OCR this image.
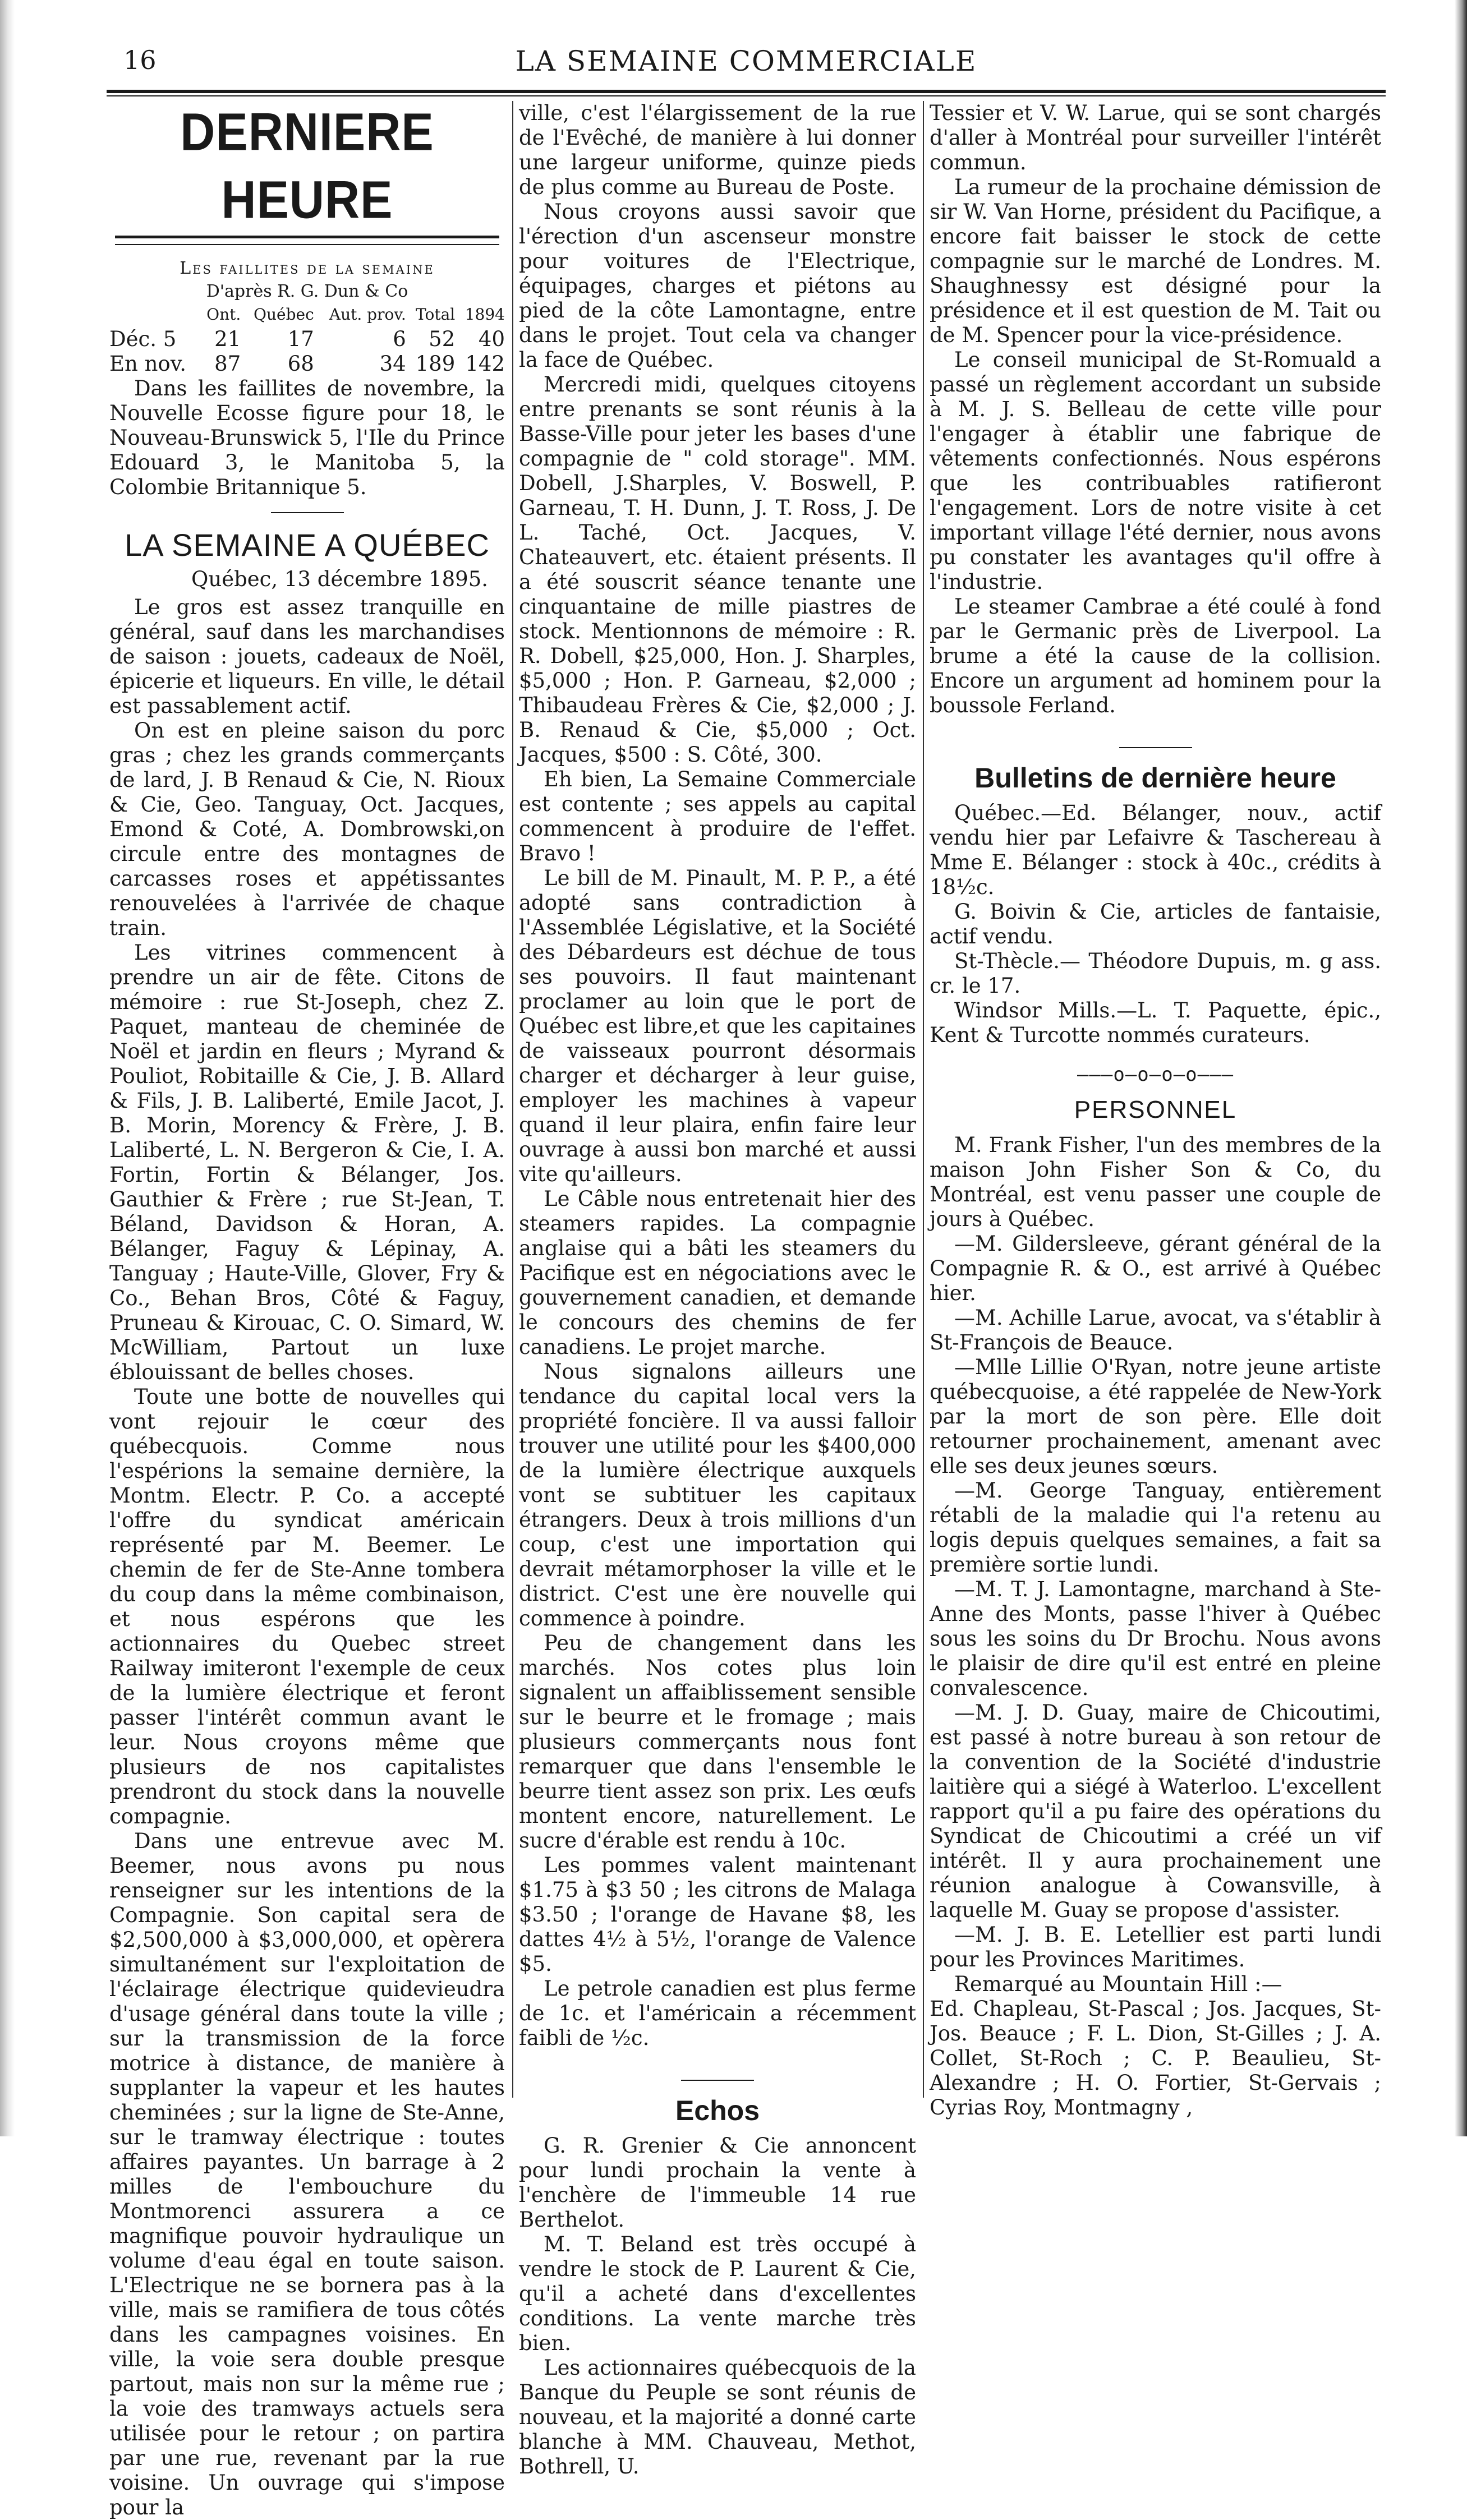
16	LA SEMAINE COMMERCIALE
DERNIERE HEURE
Les faillites de la semaine
D'après R. G. Dun & Co
	Ont.	Québec	Aut. prov.	Total	1894
Déc. 5	21	17	6	52	40
En nov.	87	68	34	189	142

Dans les faillites de novembre, la Nouvelle Ecosse figure pour 18, le Nouveau-Brunswick 5, l'Ile du Prince Edouard 3, le Manitoba 5, la Colombie Britannique 5.

LA SEMAINE A QUÉBEC
Québec, 13 décembre 1895.

Le gros est assez tranquille en général, sauf dans les marchandises de saison : jouets, cadeaux de Noël, épicerie et liqueurs. En ville, le détail est passablement actif.

On est en pleine saison du porc gras ; chez les grands commerçants de lard, J. B Renaud & Cie, N. Rioux & Cie, Geo. Tanguay, Oct. Jacques, Emond & Coté, A. Dombrowski,on circule entre des montagnes de carcasses roses et appétissantes renouvelées à l'arrivée de chaque train.

Les vitrines commencent à prendre un air de fête. Citons de mémoire : rue St-Joseph, chez Z. Paquet, manteau de cheminée de Noël et jardin en fleurs ; Myrand & Pouliot, Robitaille & Cie, J. B. Allard & Fils, J. B. Laliberté, Emile Jacot, J. B. Morin, Morency & Frère, J. B. Laliberté, L. N. Bergeron & Cie, I. A. Fortin, Fortin & Bélanger, Jos. Gauthier & Frère ; rue St-Jean, T. Béland, Davidson & Horan, A. Bélanger, Faguy & Lépinay, A. Tanguay ; Haute-Ville, Glover, Fry & Co., Behan Bros, Côté & Faguy, Pruneau & Kirouac, C. O. Simard, W. McWilliam, Partout un luxe éblouissant de belles choses.

Toute une botte de nouvelles qui vont rejouir le cœur des québecquois. Comme nous l'espérions la semaine dernière, la Montm. Electr. P. Co. a accepté l'offre du syndicat américain représenté par M. Beemer. Le chemin de fer de Ste-Anne tombera du coup dans la même combinaison, et nous espérons que les actionnaires du Quebec street Railway imiteront l'exemple de ceux de la lumière électrique et feront passer l'intérêt commun avant le leur. Nous croyons même que plusieurs de nos capitalistes prendront du stock dans la nouvelle compagnie.

Dans une entrevue avec M. Beemer, nous avons pu nous renseigner sur les intentions de la Compagnie. Son capital sera de $2,500,000 à $3,000,000, et opèrera simultanément sur l'exploitation de l'éclairage électrique quidevieudra d'usage général dans toute la ville ; sur la transmission de la force motrice à distance, de manière à supplanter la vapeur et les hautes cheminées ; sur la ligne de Ste-Anne, sur le tramway électrique : toutes affaires payantes. Un barrage à 2 milles de l'embouchure du Montmorenci assurera a ce magnifique pouvoir hydraulique un volume d'eau égal en toute saison. L'Electrique ne se bornera pas à la ville, mais se ramifiera de tous côtés dans les campagnes voisines. En ville, la voie sera double presque partout, mais non sur la même rue ; la voie des tramways actuels sera utilisée pour le retour ; on partira par une rue, revenant par la rue voisine. Un ouvrage qui s'impose pour la

ville, c'est l'élargissement de la rue de l'Evêché, de manière à lui donner une largeur uniforme, quinze pieds de plus comme au Bureau de Poste.

Nous croyons aussi savoir que l'érection d'un ascenseur monstre pour voitures de l'Electrique, équipages, charges et piétons au pied de la côte Lamontagne, entre dans le projet. Tout cela va changer la face de Québec.

Mercredi midi, quelques citoyens entre prenants se sont réunis à la Basse-Ville pour jeter les bases d'une compagnie de " cold storage". MM. Dobell, J.Sharples, V. Boswell, P. Garneau, T. H. Dunn, J. T. Ross, J. De L. Taché, Oct. Jacques, V. Chateauvert, etc. étaient présents. Il a été souscrit séance tenante une cinquantaine de mille piastres de stock. Mentionnons de mémoire : R. R. Dobell, $25,000, Hon. J. Sharples, $5,000 ; Hon. P. Garneau, $2,000 ; Thibaudeau Frères & Cie, $2,000 ; J. B. Renaud & Cie, $5,000 ; Oct. Jacques, $500 : S. Côté, 300.

Eh bien, La Semaine Commerciale est contente ; ses appels au capital commencent à produire de l'effet. Bravo !

Le bill de M. Pinault, M. P. P., a été adopté sans contradiction à l'Assemblée Législative, et la Société des Débardeurs est déchue de tous ses pouvoirs. Il faut maintenant proclamer au loin que le port de Québec est libre,et que les capitaines de vaisseaux pourront désormais charger et décharger à leur guise, employer les machines à vapeur quand il leur plaira, enfin faire leur ouvrage à aussi bon marché et aussi vite qu'ailleurs.

Le Câble nous entretenait hier des steamers rapides. La compagnie anglaise qui a bâti les steamers du Pacifique est en négociations avec le gouvernement canadien, et demande le concours des chemins de fer canadiens. Le projet marche.

Nous signalons ailleurs une tendance du capital local vers la propriété foncière. Il va aussi falloir trouver une utilité pour les $400,000 de la lumière électrique auxquels vont se subtituer les capitaux étrangers. Deux à trois millions d'un coup, c'est une importation qui devrait métamorphoser la ville et le district. C'est une ère nouvelle qui commence à poindre.

Peu de changement dans les marchés. Nos cotes plus loin signalent un affaiblissement sensible sur le beurre et le fromage ; mais plusieurs commerçants nous font remarquer que dans l'ensemble le beurre tient assez son prix. Les œufs montent encore, naturellement. Le sucre d'érable est rendu à 10c.

Les pommes valent maintenant $1.75 à $3 50 ; les citrons de Malaga $3.50 ; l'orange de Havane $8, les dattes 4½ à 5½, l'orange de Valence $5.

Le petrole canadien est plus ferme de 1c. et l'américain a récemment faibli de ½c.

Echos

G. R. Grenier & Cie annoncent pour lundi prochain la vente à l'enchère de l'immeuble 14 rue Berthelot.

M. T. Beland est très occupé à vendre le stock de P. Laurent & Cie, qu'il a acheté dans d'excellentes conditions. La vente marche très bien.

Les actionnaires québecquois de la Banque du Peuple se sont réunis de nouveau, et la majorité a donné carte blanche à MM. Chauveau, Methot, Bothrell, U.

Tessier et V. W. Larue, qui se sont chargés d'aller à Montréal pour surveiller l'intérêt commun.

La rumeur de la prochaine démission de sir W. Van Horne, président du Pacifique, a encore fait baisser le stock de cette compagnie sur le marché de Londres. M. Shaughnessy est désigné pour la présidence et il est question de M. Tait ou de M. Spencer pour la vice-présidence.

Le conseil municipal de St-Romuald a passé un règlement accordant un subside à M. J. S. Belleau de cette ville pour l'engager à établir une fabrique de vêtements confectionnés. Nous espérons que les contribuables ratifieront l'engagement. Lors de notre visite à cet important village l'été dernier, nous avons pu constater les avantages qu'il offre à l'industrie.

Le steamer Cambrae a été coulé à fond par le Germanic près de Liverpool. La brume a été la cause de la collision. Encore un argument ad hominem pour la boussole Ferland.

Bulletins de dernière heure

Québec.—Ed. Bélanger, nouv., actif vendu hier par Lefaivre & Taschereau à Mme E. Bélanger : stock à 40c., crédits à 18½c.

G. Boivin & Cie, articles de fantaisie, actif vendu.

St-Thècle.— Théodore Dupuis, m. g ass. cr. le 17.

Windsor Mills.—L. T. Paquette, épic., Kent & Turcotte nommés curateurs.

———o—o—o—o———
PERSONNEL

M. Frank Fisher, l'un des membres de la maison John Fisher Son & Co, du Montréal, est venu passer une couple de jours à Québec.

—M. Gildersleeve, gérant général de la Compagnie R. & O., est arrivé à Québec hier.

—M. Achille Larue, avocat, va s'établir à St-François de Beauce.

—Mlle Lillie O'Ryan, notre jeune artiste québecquoise, a été rappelée de New-York par la mort de son père. Elle doit retourner prochainement, amenant avec elle ses deux jeunes sœurs.

—M. George Tanguay, entièrement rétabli de la maladie qui l'a retenu au logis depuis quelques semaines, a fait sa première sortie lundi.

—M. T. J. Lamontagne, marchand à Ste-Anne des Monts, passe l'hiver à Québec sous les soins du Dr Brochu. Nous avons le plaisir de dire qu'il est entré en pleine convalescence.

—M. J. D. Guay, maire de Chicoutimi, est passé à notre bureau à son retour de la convention de la Société d'industrie laitière qui a siégé à Waterloo. L'excellent rapport qu'il a pu faire des opérations du Syndicat de Chicoutimi a créé un vif intérêt. Il y aura prochainement une réunion analogue à Cowansville, à laquelle M. Guay se propose d'assister.

—M. J. B. E. Letellier est parti lundi pour les Provinces Maritimes.

Remarqué au Mountain Hill :—

Ed. Chapleau, St-Pascal ; Jos. Jacques, St-Jos. Beauce ; F. L. Dion, St-Gilles ; J. A. Collet, St-Roch ; C. P. Beaulieu, St-Alexandre ; H. O. Fortier, St-Gervais ; Cyrias Roy, Montmagny ,
